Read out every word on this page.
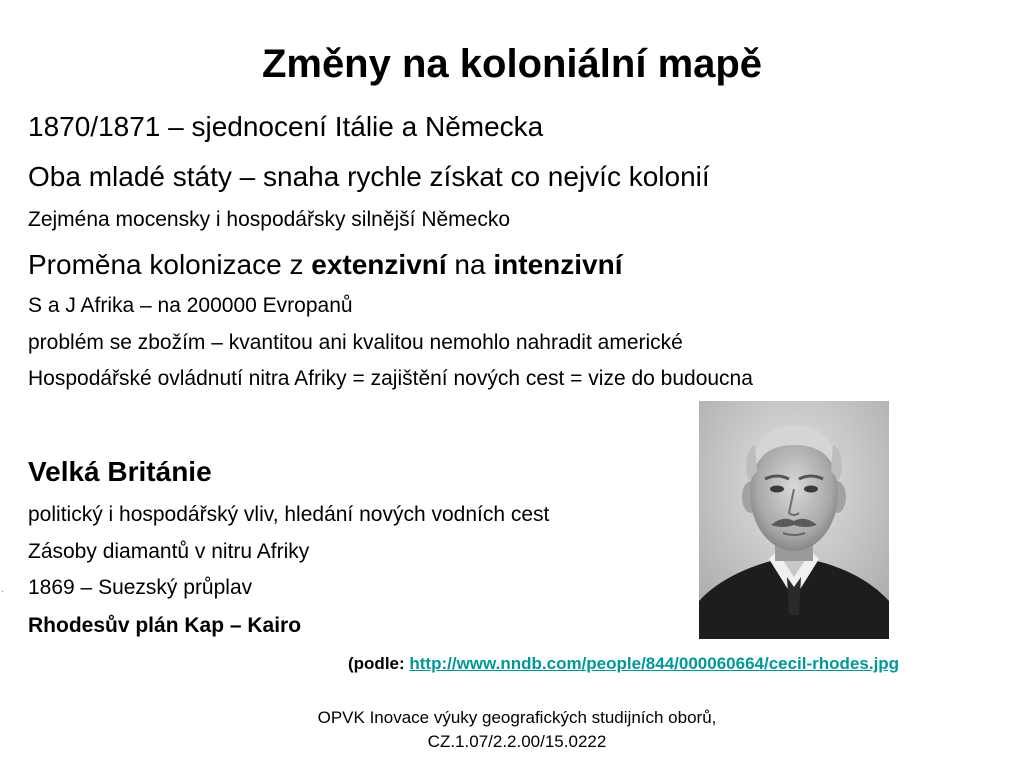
Změny na koloniální mapě
1870/1871 – sjednocení Itálie a Německa
Oba mladé státy – snaha rychle získat co nejvíc kolonií
Zejména mocensky i hospodářsky silnější Německo
Proměna kolonizace z extenzivní na intenzivní
S a J Afrika – na 200000 Evropanů
problém se zbožím – kvantitou ani kvalitou nemohlo nahradit americké
Hospodářské ovládnutí nitra Afriky = zajištění nových cest = vize do budoucna
Velká Británie
politický i hospodářský vliv, hledání nových vodních cest
Zásoby diamantů v nitru Afriky
1869 – Suezský průplav
Rhodesův plán Kap – Kairo
·
(podle: http://www.nndb.com/people/844/000060664/cecil-rhodes.jpg
OPVK Inovace výuky geografických studijních oborů,
CZ.1.07/2.2.00/15.0222
